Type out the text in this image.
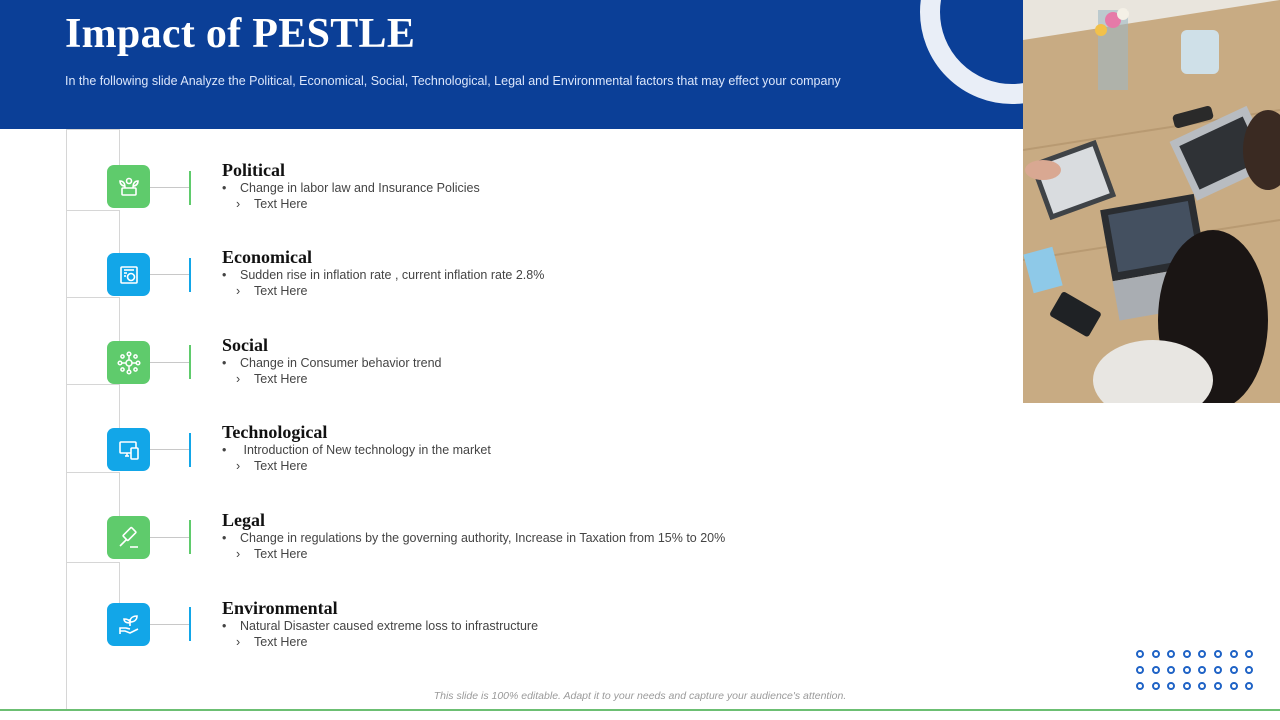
Impact of PESTLE
In the following slide Analyze the Political, Economical, Social, Technological, Legal and Environmental factors that may effect your company
Political
• Change in labor law and Insurance Policies
› Text Here
Economical
• Sudden rise in inflation rate , current inflation rate 2.8%
› Text Here
Social
• Change in Consumer behavior trend
› Text Here
Technological
• Introduction of New technology in the market
› Text Here
Legal
• Change in regulations by the governing authority, Increase in Taxation from 15% to 20%
› Text Here
Environmental
• Natural Disaster caused extreme loss to infrastructure
› Text Here
This slide is 100% editable. Adapt it to your needs and capture your audience's attention.
